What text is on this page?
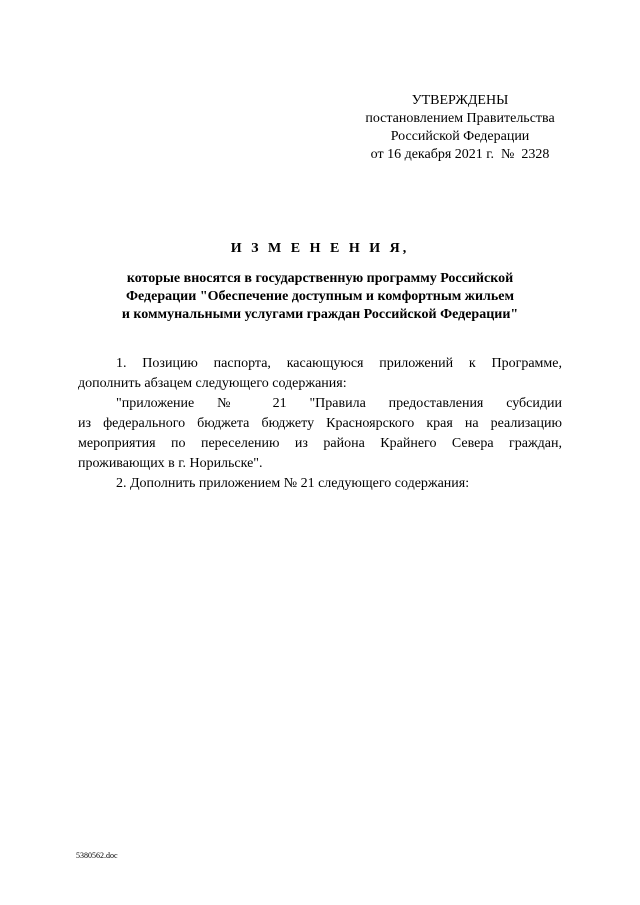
УТВЕРЖДЕНЫ
постановлением Правительства
Российской Федерации
от 16 декабря 2021 г.  №  2328
И З М Е Н Е Н И Я,
которые вносятся в государственную программу Российской
Федерации "Обеспечение доступным и комфортным жильем
и коммунальными услугами граждан Российской Федерации"

1. Позицию паспорта, касающуюся приложений к Программе,

дополнить абзацем следующего содержания:

"приложение № 21 "Правила предоставления субсидии

из федерального бюджета бюджету Красноярского края на реализацию

мероприятия по переселению из района Крайнего Севера граждан,

проживающих в г. Норильске".

2. Дополнить приложением № 21 следующего содержания:

5380562.doc
